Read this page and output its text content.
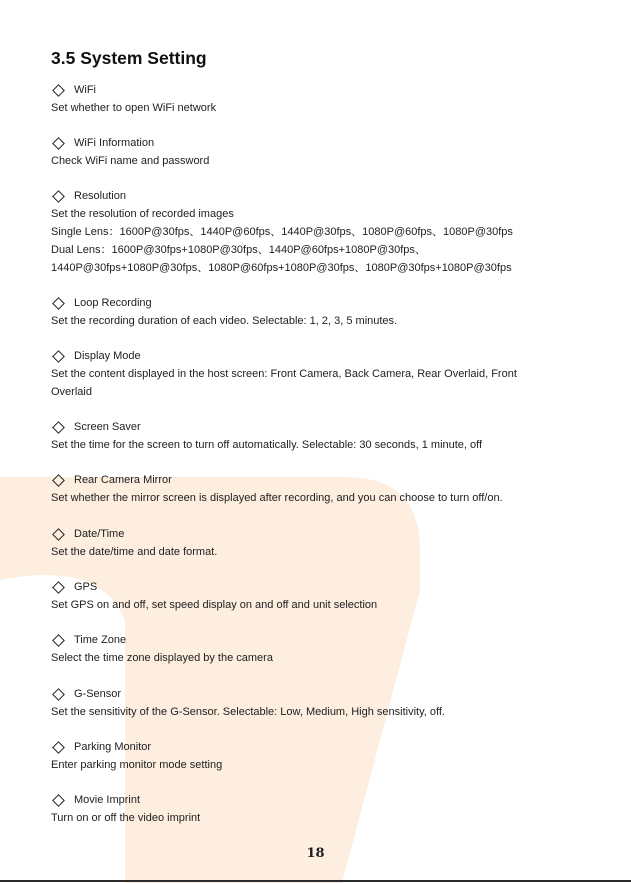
3.5 System Setting
WiFi
Set whether to open WiFi network
WiFi Information
Check WiFi name and password
Resolution
Set the resolution of recorded images
Single Lens：1600P@30fps、1440P@60fps、1440P@30fps、1080P@60fps、1080P@30fps
Dual Lens：1600P@30fps+1080P@30fps、1440P@60fps+1080P@30fps、
1440P@30fps+1080P@30fps、1080P@60fps+1080P@30fps、1080P@30fps+1080P@30fps
Loop Recording
Set the recording duration of each video. Selectable: 1, 2, 3, 5 minutes.
Display Mode
Set the content displayed in the host screen: Front Camera, Back Camera, Rear Overlaid, Front
Overlaid
Screen Saver
Set the time for the screen to turn off automatically. Selectable: 30 seconds, 1 minute, off
Rear Camera Mirror
Set whether the mirror screen is displayed after recording, and you can choose to turn off/on.
Date/Time
Set the date/time and date format.
GPS
Set GPS on and off, set speed display on and off and unit selection
Time Zone
Select the time zone displayed by the camera
G-Sensor
Set the sensitivity of the G-Sensor. Selectable: Low, Medium, High sensitivity, off.
Parking Monitor
Enter parking monitor mode setting
Movie Imprint
Turn on or off the video imprint
18
